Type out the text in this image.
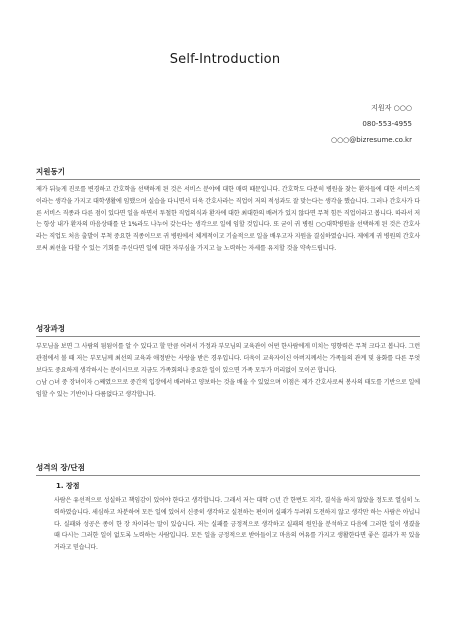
Self-Introduction
지원자 ○○○
080-553-4955
○○○@bizresume.co.kr
지원동기

제가 뒤늦게 진로를 변경하고 간호학을 선택하게 된 것은 서비스 분야에 대한 매력 때문입니다. 간호학도 다분히 병원을 찾는 환자들에 대한 서비스직이라는 생각을 가지고 대학생활에 임했으며 실습을 다니면서 더욱 간호사라는 직업이 저의 적성과도 잘 맞는다는 생각을 했습니다. 그러나 간호사가 다른 서비스 직종과 다른 점이 있다면 일을 하면서 투철한 직업의식과 환자에 대한 최대한의 배려가 있지 않다면 무척 힘든 직업이라고 봅니다. 따라서 저는 항상 내가 환자의 마음상태를 단 1%라도 나누어 갖는다는 생각으로 일에 임할 것입니다. 또 굳이 귀 병원 ○○대학병원을 선택하게 된 것은 간호사라는 직업도 처음 출발이 무척 중요한 직종이므로 귀 병원에서 체계적이고 기술적으로 일을 배우고자 지원을 결심하였습니다. 제에게 귀 병원의 간호사로써 최선을 다할 수 있는 기회를 주신다면 일에 대한 자부심을 가지고 늘 노력하는 자세를 유지할 것을 약속드립니다.

성장과정

부모님을 보면 그 사람의 됨됨이를 알 수 있다고 할 만큼 어려서 가정과 부모님의 교육관이 어떤 한사람에게 미치는 영향력은 무척 크다고 봅니다. 그런 관점에서 볼 때 저는 부모님께 최선의 교육과 애정받는 사랑을 받은 경우입니다. 더욱이 교육자이신 아버지께서는 가족들의 관계 및 융화를 다른 무엇보다도 중요하게 생각하시는 분이시므로 지금도 가족회의나 중요한 일이 있으면 가족 모두가 머리없이 모이곤 합니다.

○남 ○녀 중 장녀이자 ○째였으므로 중간적 입장에서 배려하고 양보하는 것을 배울 수 있었으며 이점은 제가 간호사로써 봉사의 태도를 기반으로 일에 임할 수 있는 기반이나 다름없다고 생각합니다.

성격의 장/단점
1. 장점

사람은 유선적으로 성실하고 책임감이 있어야 한다고 생각합니다. 그래서 저는 대학 ○년 간 한번도 지각, 결석을 하지 않았을 정도로 열심히 노력하였습니다. 세심하고 차분하여 모든 일에 있어서 신중히 생각하고 실천하는 편이며 실패가 두려워 도전하지 않고 생각만 하는 사람은 아닙니다. 실패와 성공은 종이 한 장 차이라는 말이 있습니다. 저는 실패를 긍정적으로 생각하고 실패의 원인을 분석하고 다음에 그러한 일이 생겼을 때 다시는 그러한 일이 없도록 노력하는 사람입니다. 모든 일을 긍정적으로 받아들이고 마음의 여유를 가지고 생활한다면 좋은 결과가 꼭 있을 거라고 믿습니다.
